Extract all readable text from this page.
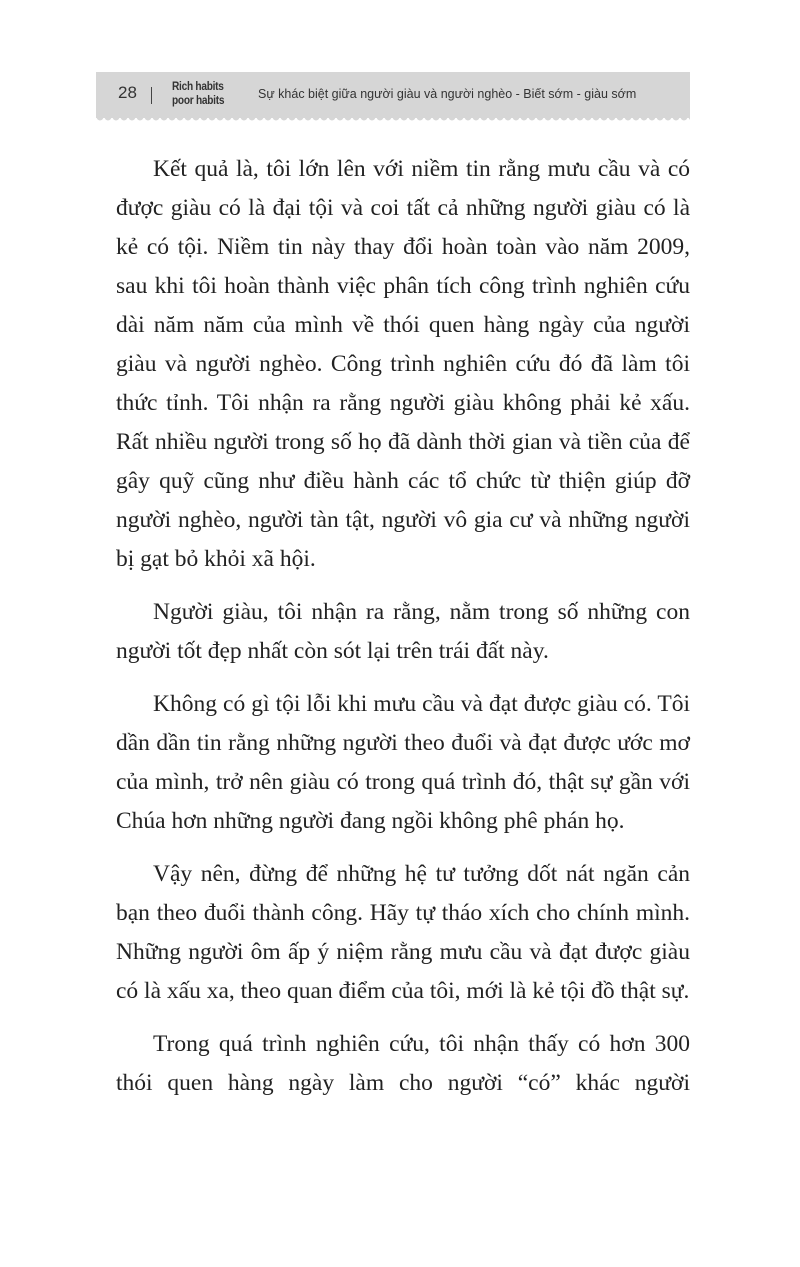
28	Rich habits
poor habits	Sự khác biệt giữa người giàu và người nghèo - Biết sớm - giàu sớm

Kết quả là, tôi lớn lên với niềm tin rằng mưu cầu và có được giàu có là đại tội và coi tất cả những người giàu có là kẻ có tội. Niềm tin này thay đổi hoàn toàn vào năm 2009, sau khi tôi hoàn thành việc phân tích công trình nghiên cứu dài năm năm của mình về thói quen hàng ngày của người giàu và người nghèo. Công trình nghiên cứu đó đã làm tôi thức tỉnh. Tôi nhận ra rằng người giàu không phải kẻ xấu. Rất nhiều người trong số họ đã dành thời gian và tiền của để gây quỹ cũng như điều hành các tổ chức từ thiện giúp đỡ người nghèo, người tàn tật, người vô gia cư và những người bị gạt bỏ khỏi xã hội.

Người giàu, tôi nhận ra rằng, nằm trong số những con người tốt đẹp nhất còn sót lại trên trái đất này.

Không có gì tội lỗi khi mưu cầu và đạt được giàu có. Tôi dần dần tin rằng những người theo đuổi và đạt được ước mơ của mình, trở nên giàu có trong quá trình đó, thật sự gần với Chúa hơn những người đang ngồi không phê phán họ.

Vậy nên, đừng để những hệ tư tưởng dốt nát ngăn cản bạn theo đuổi thành công. Hãy tự tháo xích cho chính mình. Những người ôm ấp ý niệm rằng mưu cầu và đạt được giàu có là xấu xa, theo quan điểm của tôi, mới là kẻ tội đồ thật sự.

Trong quá trình nghiên cứu, tôi nhận thấy có hơn 300 thói quen hàng ngày làm cho người “có” khác người
